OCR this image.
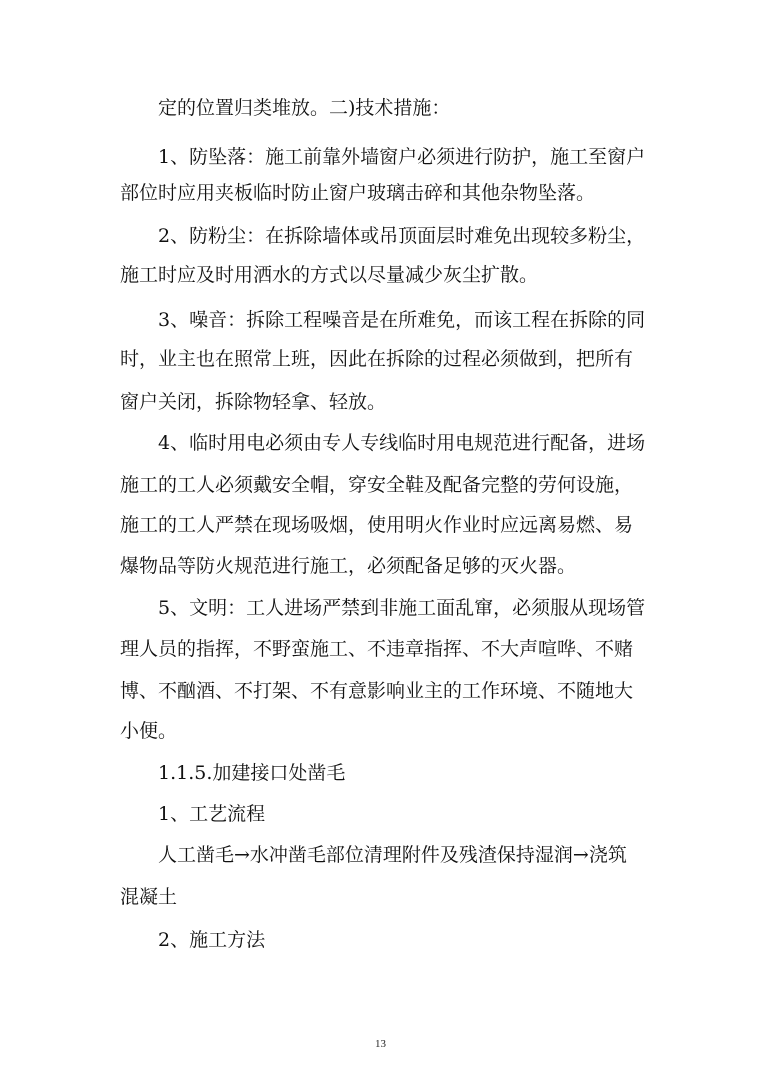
定的位置归类堆放。二)技术措施：
1、防坠落：施工前靠外墙窗户必须进行防护，施工至窗户
部位时应用夹板临时防止窗户玻璃击碎和其他杂物坠落。
2、防粉尘：在拆除墙体或吊顶面层时难免出现较多粉尘，
施工时应及时用洒水的方式以尽量减少灰尘扩散。
3、噪音：拆除工程噪音是在所难免，而该工程在拆除的同
时，业主也在照常上班，因此在拆除的过程必须做到，把所有
窗户关闭，拆除物轻拿、轻放。
4、临时用电必须由专人专线临时用电规范进行配备，进场
施工的工人必须戴安全帽，穿安全鞋及配备完整的劳何设施，
施工的工人严禁在现场吸烟，使用明火作业时应远离易燃、易
爆物品等防火规范进行施工，必须配备足够的灭火器。
5、文明：工人进场严禁到非施工面乱窜，必须服从现场管
理人员的指挥，不野蛮施工、不违章指挥、不大声喧哗、不赌
博、不酗酒、不打架、不有意影响业主的工作环境、不随地大
小便。
1.1.5.加建接口处凿毛
1、工艺流程
人工凿毛→水冲凿毛部位清理附件及残渣保持湿润→浇筑
混凝土
2、施工方法
13
